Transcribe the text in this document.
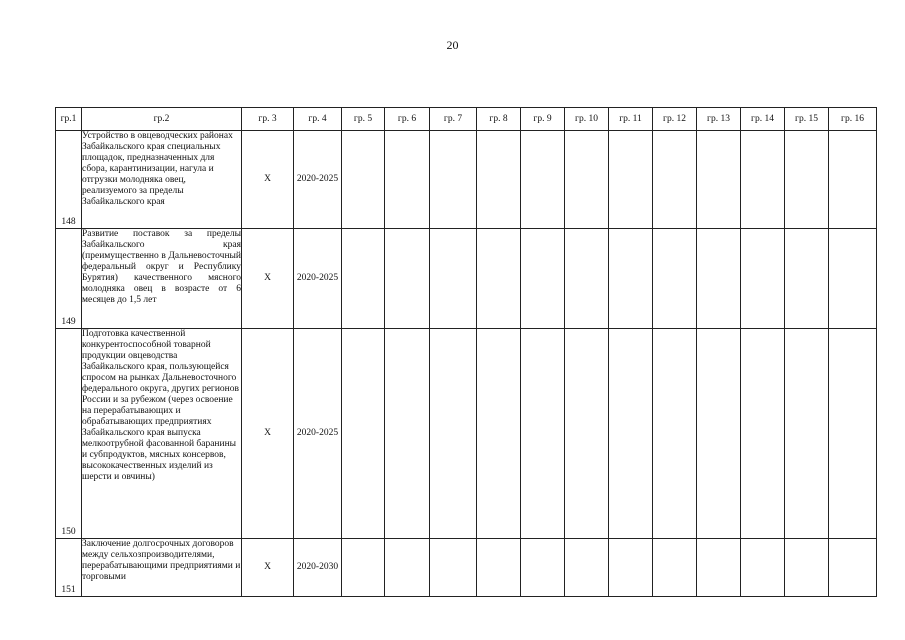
20
гр.1	гр.2	гр. 3	гр. 4	гр. 5	гр. 6	гр. 7	гр. 8	гр. 9	гр. 10	гр. 11	гр. 12	гр. 13	гр. 14	гр. 15	гр. 16
148	Устройство в овцеводческих районах Забайкальского края специальных площадок, предназначенных для сбора, карантинизации, нагула и отгрузки молодняка овец, реализуемого за пределы Забайкальского края	X	2020-2025												
149	Развитие поставок за пределы Забайкальского края (преимущественно в Дальневосточный федеральный округ и Республику Бурятия) качественного мясного молодняка овец в возрасте от 6 месяцев до 1,5 лет	X	2020-2025												
150	Подготовка качественной конкурентоспособной товарной продукции овцеводства Забайкальского края, пользующейся спросом на рынках Дальневосточного федерального округа, других регионов России и за рубежом (через освоение на перерабатывающих и обрабатывающих предприятиях Забайкальского края выпуска мелкоотрубной фасованной баранины и субпродуктов, мясных консервов, высококачественных изделий из шерсти и овчины)	X	2020-2025												
151	Заключение долгосрочных договоров между сельхозпроизводителями, перерабатывающими предприятиями и торговыми	X	2020-2030												
